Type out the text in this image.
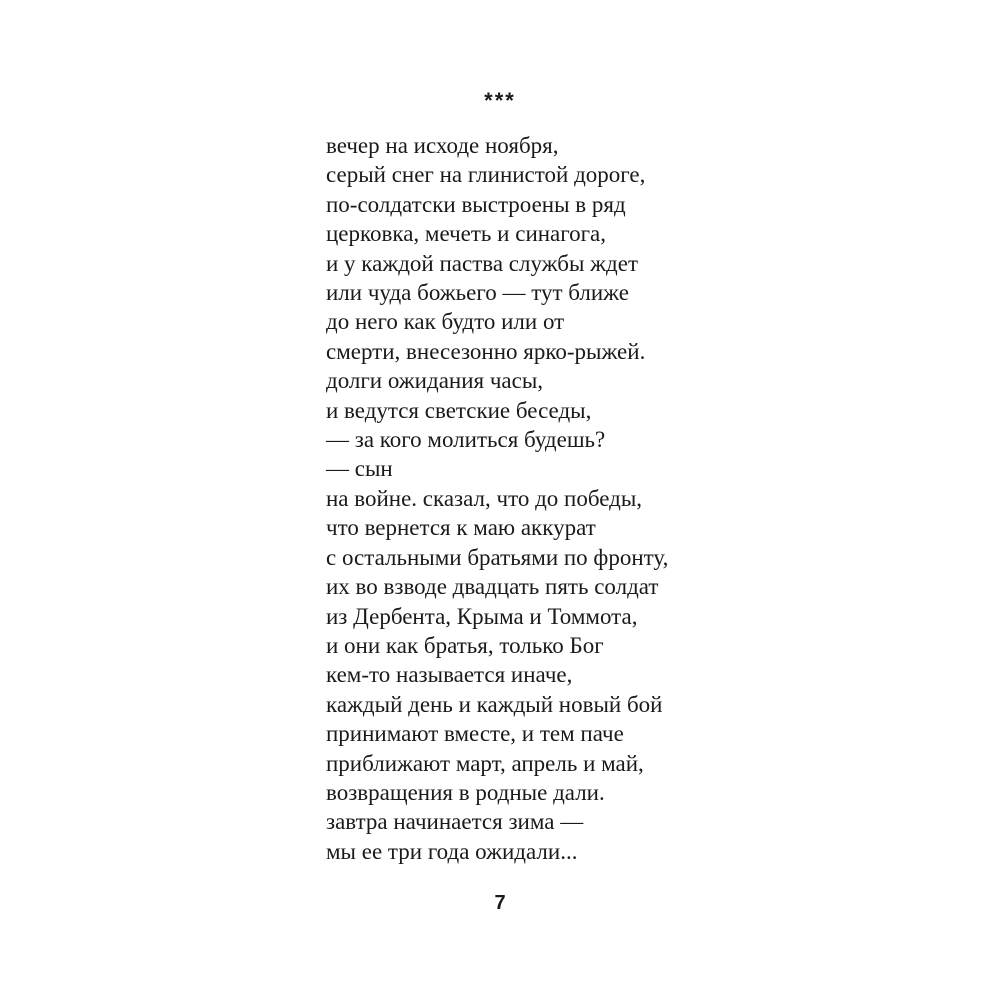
***
вечер на исходе ноября,
серый снег на глинистой дороге,
по-солдатски выстроены в ряд
церковка, мечеть и синагога,
и у каждой паства службы ждет
или чуда божьего — тут ближе
до него как будто или от
смерти, внесезонно ярко-рыжей.
долги ожидания часы,
и ведутся светские беседы,
— за кого молиться будешь?
— сын
на войне. сказал, что до победы,
что вернется к маю аккурат
с остальными братьями по фронту,
их во взводе двадцать пять солдат
из Дербента, Крыма и Томмота,
и они как братья, только Бог
кем-то называется иначе,
каждый день и каждый новый бой
принимают вместе, и тем паче
приближают март, апрель и май,
возвращения в родные дали.
завтра начинается зима —
мы ее три года ожидали...
7
